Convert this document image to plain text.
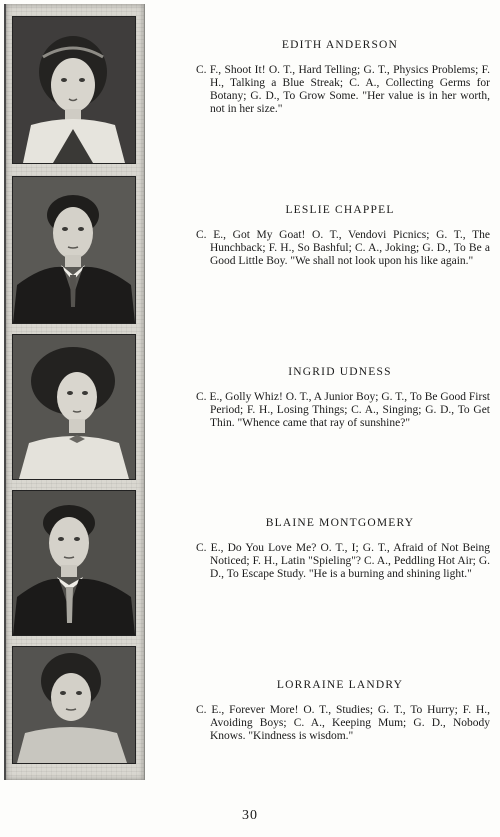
EDITH ANDERSON

C. F., Shoot It! O. T., Hard Telling; G. T., Physics Problems; F. H., Talking a Blue Streak; C. A., Collecting Germs for Botany; G. D., To Grow Some. "Her value is in her worth, not in her size."

LESLIE CHAPPEL

C. E., Got My Goat! O. T., Vendovi Picnics; G. T., The Hunchback; F. H., So Bashful; C. A., Joking; G. D., To Be a Good Little Boy. "We shall not look upon his like again."

INGRID UDNESS

C. E., Golly Whiz! O. T., A Junior Boy; G. T., To Be Good First Period; F. H., Losing Things; C. A., Singing; G. D., To Get Thin. "Whence came that ray of sunshine?"

BLAINE MONTGOMERY

C. E., Do You Love Me? O. T., I; G. T., Afraid of Not Being Noticed; F. H., Latin "Spieling"? C. A., Peddling Hot Air; G. D., To Escape Study. "He is a burning and shining light."

LORRAINE LANDRY

C. E., Forever More! O. T., Studies; G. T., To Hurry; F. H., Avoiding Boys; C. A., Keeping Mum; G. D., Nobody Knows. "Kindness is wisdom."

30
